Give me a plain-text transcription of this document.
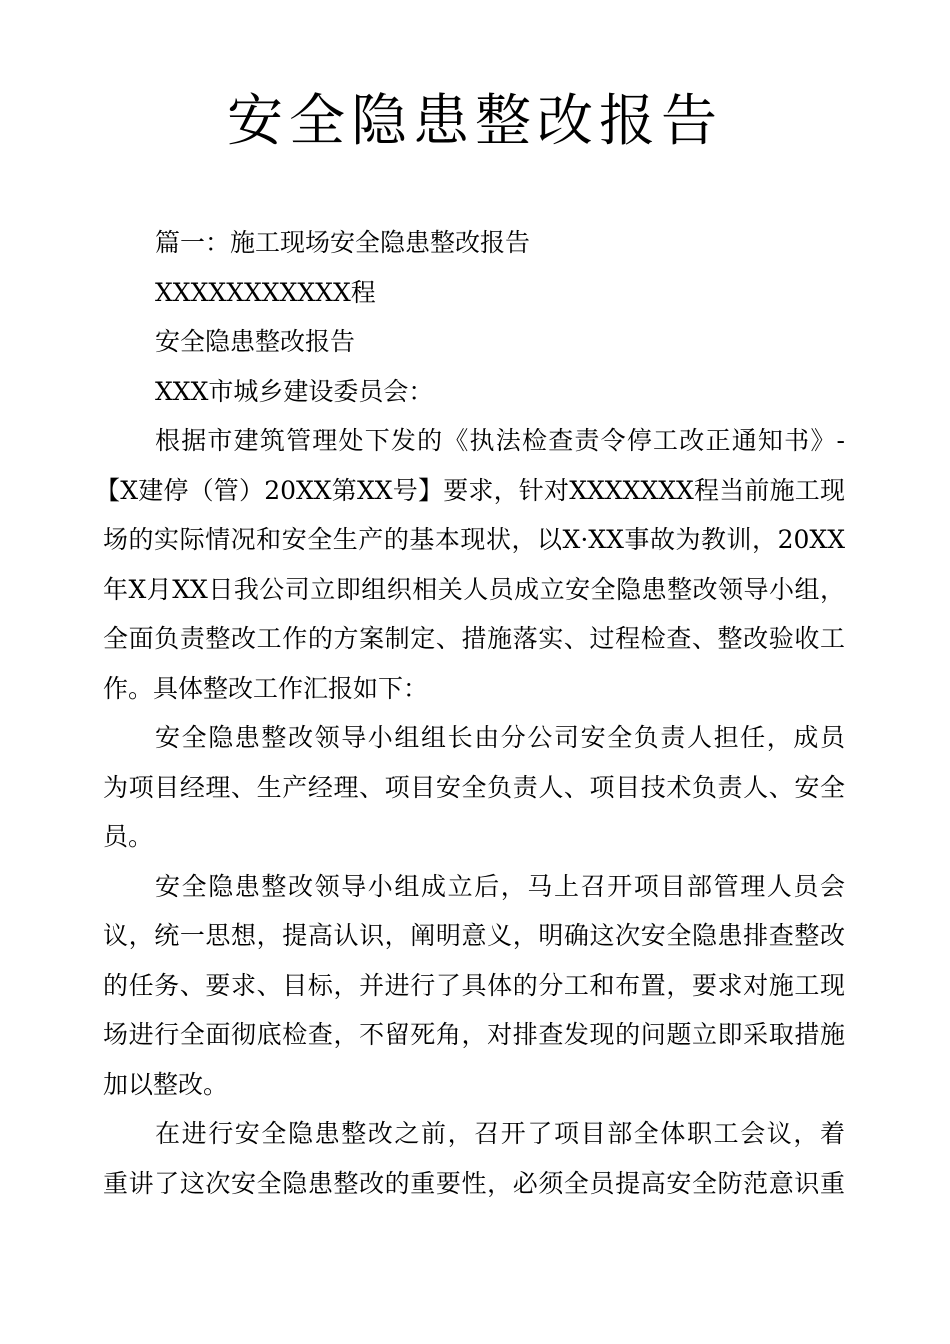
安全隐患整改报告

篇一：施工现场安全隐患整改报告

XXXXXXXXXXX程

安全隐患整改报告

XXX市城乡建设委员会：

根据市建筑管理处下发的《执法检查责令停工改正通知书》-

【X建停（管）20XX第XX号】要求，针对XXXXXXX程当前施工现

场的实际情况和安全生产的基本现状，以X·XX事故为教训，20XX

年X月XX日我公司立即组织相关人员成立安全隐患整改领导小组，

全面负责整改工作的方案制定、措施落实、过程检查、整改验收工

作。具体整改工作汇报如下：

安全隐患整改领导小组组长由分公司安全负责人担任，成员

为项目经理、生产经理、项目安全负责人、项目技术负责人、安全

员。

安全隐患整改领导小组成立后，马上召开项目部管理人员会

议，统一思想，提高认识，阐明意义，明确这次安全隐患排查整改

的任务、要求、目标，并进行了具体的分工和布置，要求对施工现

场进行全面彻底检查，不留死角，对排查发现的问题立即采取措施

加以整改。

在进行安全隐患整改之前，召开了项目部全体职工会议，着

重讲了这次安全隐患整改的重要性，必须全员提高安全防范意识重
